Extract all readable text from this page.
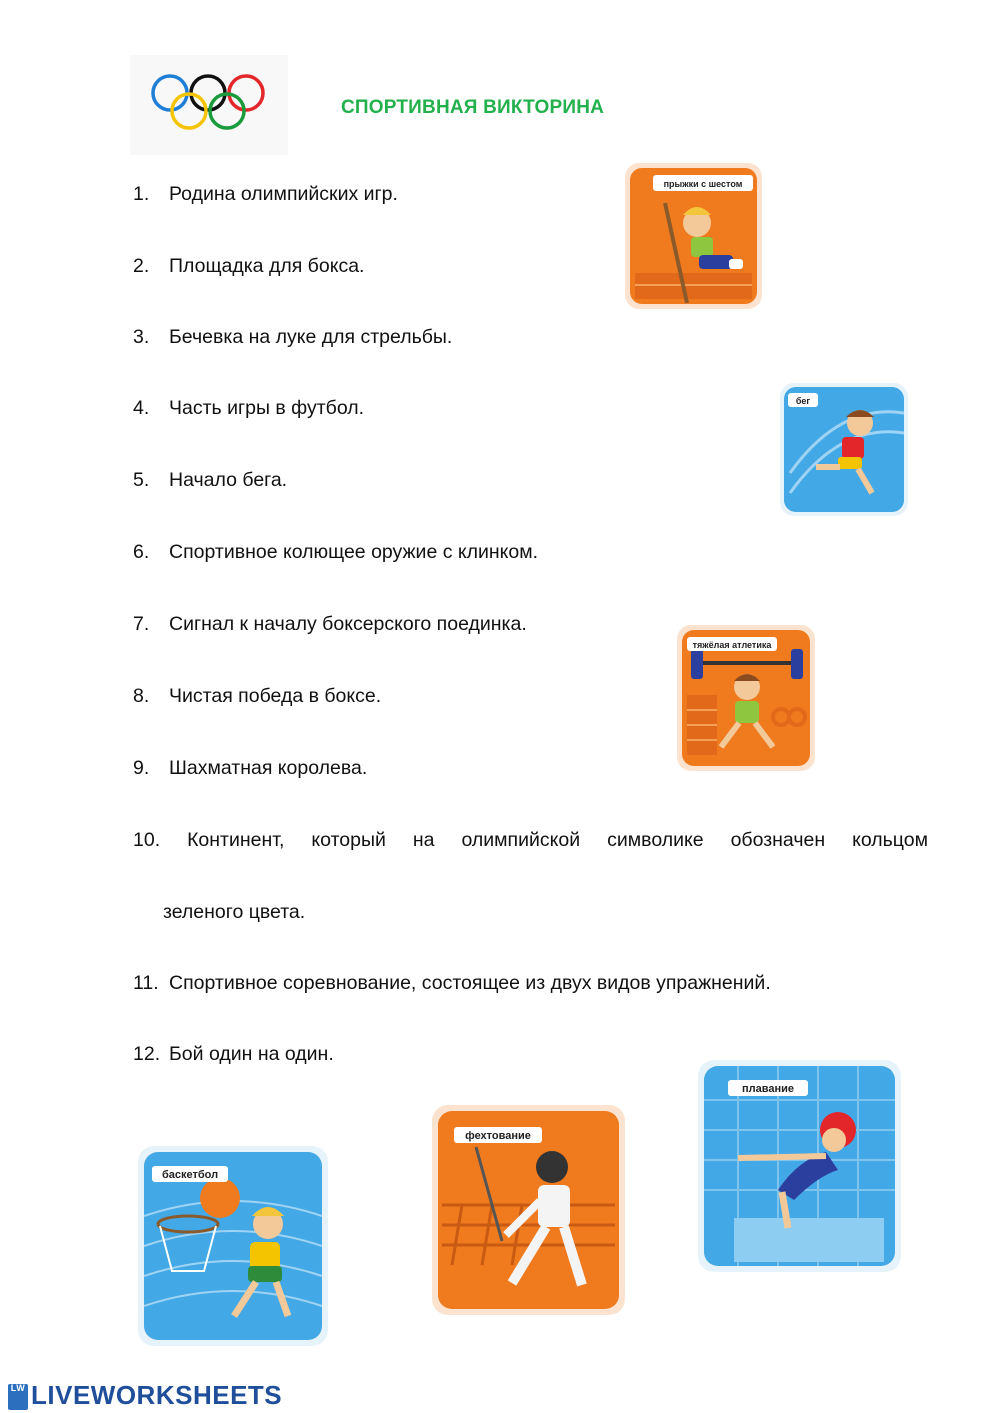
СПОРТИВНАЯ ВИКТОРИНА
1. Родина олимпийских игр.
2. Площадка для бокса.
3. Бечевка на луке для стрельбы.
4. Часть игры в футбол.
5. Начало бега.
6. Спортивное колющее оружие с клинком.
7. Сигнал к началу боксерского поединка.
8. Чистая победа в боксе.
9. Шахматная королева.
10. Континент, который на олимпийской символике обозначен кольцом
зеленого цвета.
11. Спортивное соревнование, состоящее из двух видов упражнений.
12. Бой один на один.
прыжки с шестом
бег
тяжёлая атлетика
баскетбол
фехтование
плавание
LW LIVEWORKSHEETS
